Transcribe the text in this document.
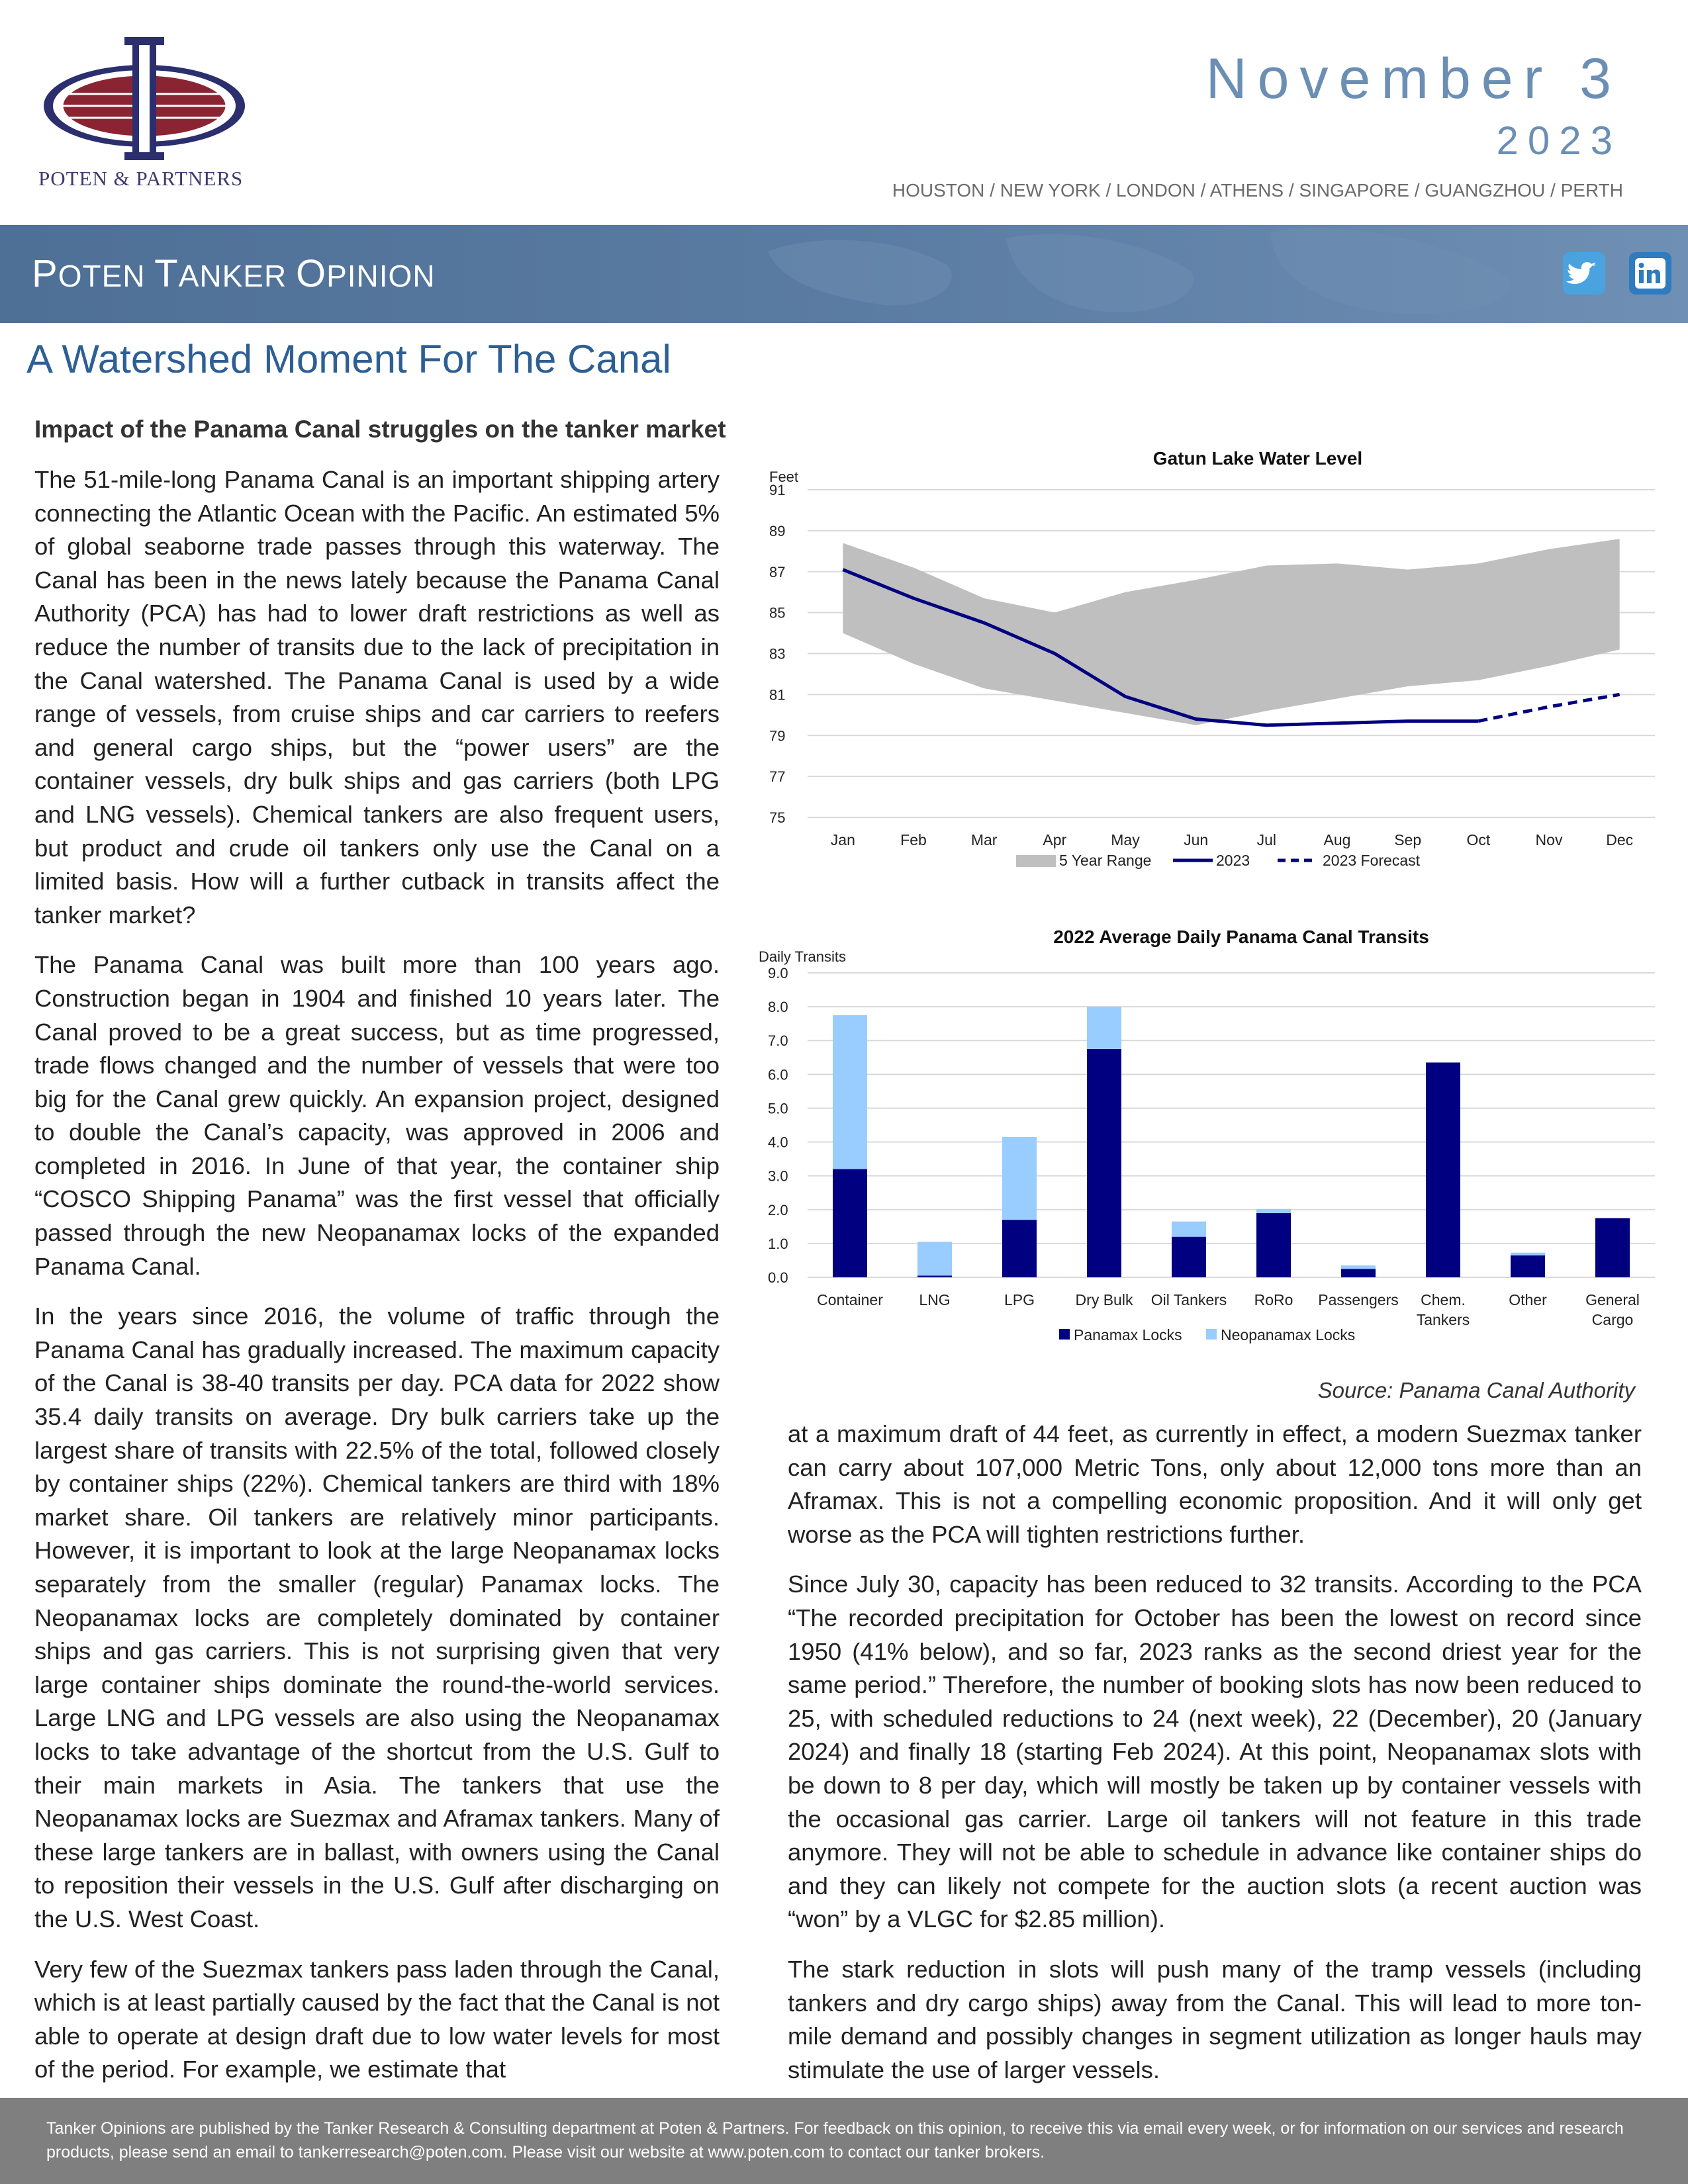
POTEN & PARTNERS
November 3
2023
HOUSTON / NEW YORK / LONDON / ATHENS / SINGAPORE / GUANGZHOU / PERTH
POTEN TANKER OPINION
A Watershed Moment For The Canal
Impact of the Panama Canal struggles on the tanker market

The 51-mile-long Panama Canal is an important shipping artery connecting the Atlantic Ocean with the Pacific. An estimated 5% of global seaborne trade passes through this waterway. The Canal has been in the news lately because the Panama Canal Authority (PCA) has had to lower draft restrictions as well as reduce the number of transits due to the lack of precipitation in the Canal watershed. The Panama Canal is used by a wide range of vessels, from cruise ships and car carriers to reefers and general cargo ships, but the “power users” are the container vessels, dry bulk ships and gas carriers (both LPG and LNG vessels). Chemical tankers are also frequent users, but product and crude oil tankers only use the Canal on a limited basis. How will a further cutback in transits affect the tanker market?

The Panama Canal was built more than 100 years ago. Construction began in 1904 and finished 10 years later. The Canal proved to be a great success, but as time progressed, trade flows changed and the number of vessels that were too big for the Canal grew quickly. An expansion project, designed to double the Canal’s capacity, was approved in 2006 and completed in 2016. In June of that year, the container ship “COSCO Shipping Panama” was the first vessel that officially passed through the new Neopanamax locks of the expanded Panama Canal.

In the years since 2016, the volume of traffic through the Panama Canal has gradually increased. The maximum capacity of the Canal is 38-40 transits per day. PCA data for 2022 show 35.4 daily transits on average. Dry bulk carriers take up the largest share of transits with 22.5% of the total, followed closely by container ships (22%). Chemical tankers are third with 18% market share. Oil tankers are relatively minor participants. However, it is important to look at the large Neopanamax locks separately from the smaller (regular) Panamax locks. The Neopanamax locks are completely dominated by container ships and gas carriers. This is not surprising given that very large container ships dominate the round-the-world services. Large LNG and LPG vessels are also using the Neopanamax locks to take advantage of the shortcut from the U.S. Gulf to their main markets in Asia. The tankers that use the Neopanamax locks are Suezmax and Aframax tankers. Many of these large tankers are in ballast, with owners using the Canal to reposition their vessels in the U.S. Gulf after discharging on the U.S. West Coast.

Very few of the Suezmax tankers pass laden through the Canal, which is at least partially caused by the fact that the Canal is not able to operate at design draft due to low water levels for most of the period. For example, we estimate that

Gatun Lake Water Level
Feet
75
77
79
81
83
85
87
89
91
Jan	Feb	Mar	Apr	May	Jun	Jul	Aug	Sep	Oct	Nov	Dec
5 Year Range	2023	2023 Forecast
2022 Average Daily Panama Canal Transits
Daily Transits
0.0
1.0
2.0
3.0
4.0
5.0
6.0
7.0
8.0
9.0
Container LNG	LPG	Dry Bulk Oil Tankers RoRo Passengers Chem.
Tankers
Other	General
Cargo
Panamax Locks	Neopanamax Locks
Source: Panama Canal Authority

at a maximum draft of 44 feet, as currently in effect, a modern Suezmax tanker can carry about 107,000 Metric Tons, only about 12,000 tons more than an Aframax. This is not a compelling economic proposition. And it will only get worse as the PCA will tighten restrictions further.

Since July 30, capacity has been reduced to 32 transits. According to the PCA “The recorded precipitation for October has been the lowest on record since 1950 (41% below), and so far, 2023 ranks as the second driest year for the same period.” Therefore, the number of booking slots has now been reduced to 25, with scheduled reductions to 24 (next week), 22 (December), 20 (January 2024) and finally 18 (starting Feb 2024). At this point, Neopanamax slots with be down to 8 per day, which will mostly be taken up by container vessels with the occasional gas carrier. Large oil tankers will not feature in this trade anymore. They will not be able to schedule in advance like container ships do and they can likely not compete for the auction slots (a recent auction was “won” by a VLGC for $2.85 million).

The stark reduction in slots will push many of the tramp vessels (including tankers and dry cargo ships) away from the Canal. This will lead to more ton-mile demand and possibly changes in segment utilization as longer hauls may stimulate the use of larger vessels.

Tanker Opinions are published by the Tanker Research & Consulting department at Poten & Partners. For feedback on this opinion, to receive this via email every week, or for information on our services and research products, please send an email to tankerresearch@poten.com. Please visit our website at www.poten.com to contact our tanker brokers.
